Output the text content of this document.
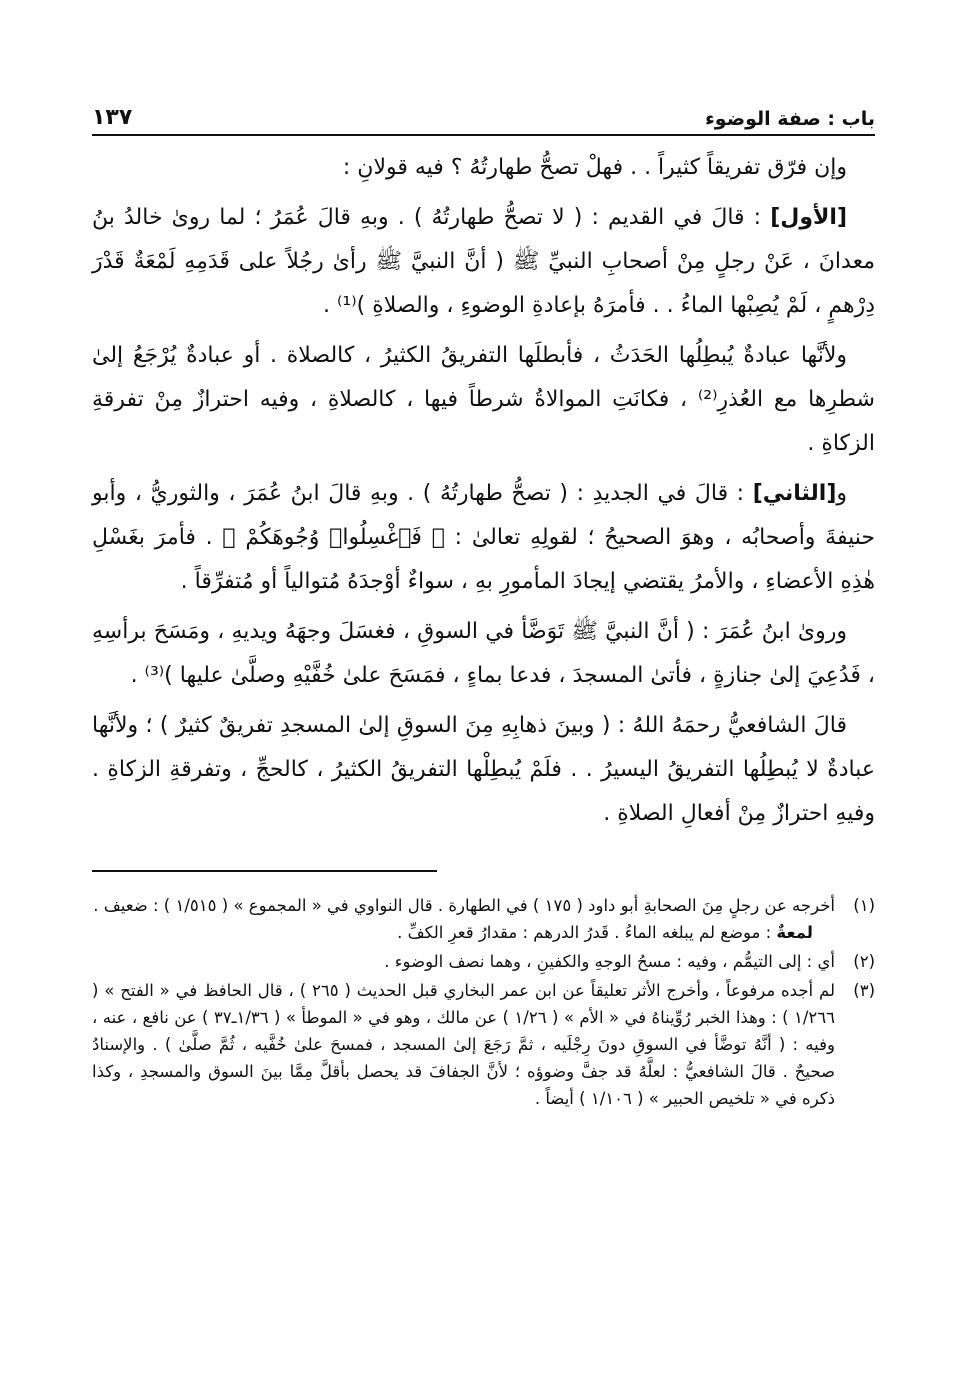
باب : صفة الوضوء
١٣٧

وإن فرّق تفريقاً كثيراً . . فهلْ تصحُّ طهارتُهُ ؟ فيه قولانِ :

[الأول] : قالَ في القديم : ( لا تصحُّ طهارتُهُ ) . وبهِ قالَ عُمَرُ ؛ لما روىٰ خالدُ بنُ معدانَ ، عَنْ رجلٍ مِنْ أصحابِ النبيِّ ﷺ ( أنَّ النبيَّ ﷺ رأىٰ رجُلاً على قَدَمِهِ لَمْعَةٌ قَدْرَ دِرْهمٍ ، لَمْ يُصِبْها الماءُ . . فأمرَهُ بإعادةِ الوضوءِ ، والصلاةِ )⁽¹⁾ .

ولأنَّها عبادةٌ يُبطِلُها الحَدَثُ ، فأبطلَها التفريقُ الكثيرُ ، كالصلاة . أو عبادةٌ يُرْجَعُ إلىٰ شطرِها مع العُذرِ⁽²⁾ ، فكانَتِ الموالاةُ شرطاً فيها ، كالصلاةِ ، وفيه احترازٌ مِنْ تفرقةِ الزكاةِ .

و[الثاني] : قالَ في الجديدِ : ( تصحُّ طهارتُهُ ) . وبهِ قالَ ابنُ عُمَرَ ، والثوريُّ ، وأبو حنيفةَ وأصحابُه ، وهوَ الصحيحُ ؛ لقولِهِ تعالىٰ : ﴿ فَٱغْسِلُوا۟ وُجُوهَكُمْ ﴾ . فأمرَ بغَسْلِ هٰذِهِ الأعضاءِ ، والأمرُ يقتضي إيجادَ المأمورِ بهِ ، سواءٌ أوْجدَهُ مُتوالياً أو مُتفرِّقاً .

وروىٰ ابنُ عُمَرَ : ( أنَّ النبيَّ ﷺ تَوَضَّأ في السوقِ ، فغسَلَ وجهَهُ ويديهِ ، ومَسَحَ برأسِهِ ، فَدُعِيَ إلىٰ جنازةٍ ، فأتىٰ المسجدَ ، فدعا بماءٍ ، فمَسَحَ علىٰ خُفَّيْهِ وصلَّىٰ عليها )⁽³⁾ .

قالَ الشافعيُّ رحمَهُ اللهُ : ( وبينَ ذهابِهِ مِنَ السوقِ إلىٰ المسجدِ تفريقٌ كثيرٌ ) ؛ ولأنَّها عبادةٌ لا يُبطِلُها التفريقُ اليسيرُ . . فلَمْ يُبطِلْها التفريقُ الكثيرُ ، كالحجِّ ، وتفرقةِ الزكاةِ . وفيهِ احترازٌ مِنْ أفعالِ الصلاةِ .

(١)
أخرجه عن رجلٍ مِنَ الصحابةِ أبو داود ( ١٧٥ ) في الطهارة . قال النواوي في « المجموع » ( ١/٥١٥ ) : ضعيف .
لمعةٌ : موضع لم يبلغه الماءُ . قَدرُ الدرهم : مقدارُ قعرِ الكفِّ .
(٢)
أي : إلى التيمُّم ، وفيه : مسحُ الوجهِ والكفينِ ، وهما نصف الوضوء .
(٣)
لم أجده مرفوعاً ، وأخرج الأثر تعليقاً عن ابن عمر البخاري قبل الحديث ( ٢٦٥ ) ، قال الحافظ في « الفتح » ( ١/٢٦٦ ) : وهذا الخبر رُوِّيناهُ في « الأم » ( ١/٢٦ ) عن مالك ، وهو في « الموطأ » ( ١/٣٦ـ٣٧ ) عن نافع ، عنه ، وفيه : ( أنَّهُ توضَّأ في السوقِ دونَ رِجْلَيه ، ثمَّ رَجَعَ إلىٰ المسجد ، فمسحَ علىٰ خُفَّيه ، ثُمَّ صلَّىٰ ) . والإسنادُ صحيحٌ . قالَ الشافعيُّ : لعلَّهُ قد جفَّ وضوؤه ؛ لأنَّ الجفافَ قد يحصل بأقلَّ مِمَّا بينَ السوق والمسجدِ ، وكذا ذكره في « تلخيص الحبير » ( ١/١٠٦ ) أيضاً .
